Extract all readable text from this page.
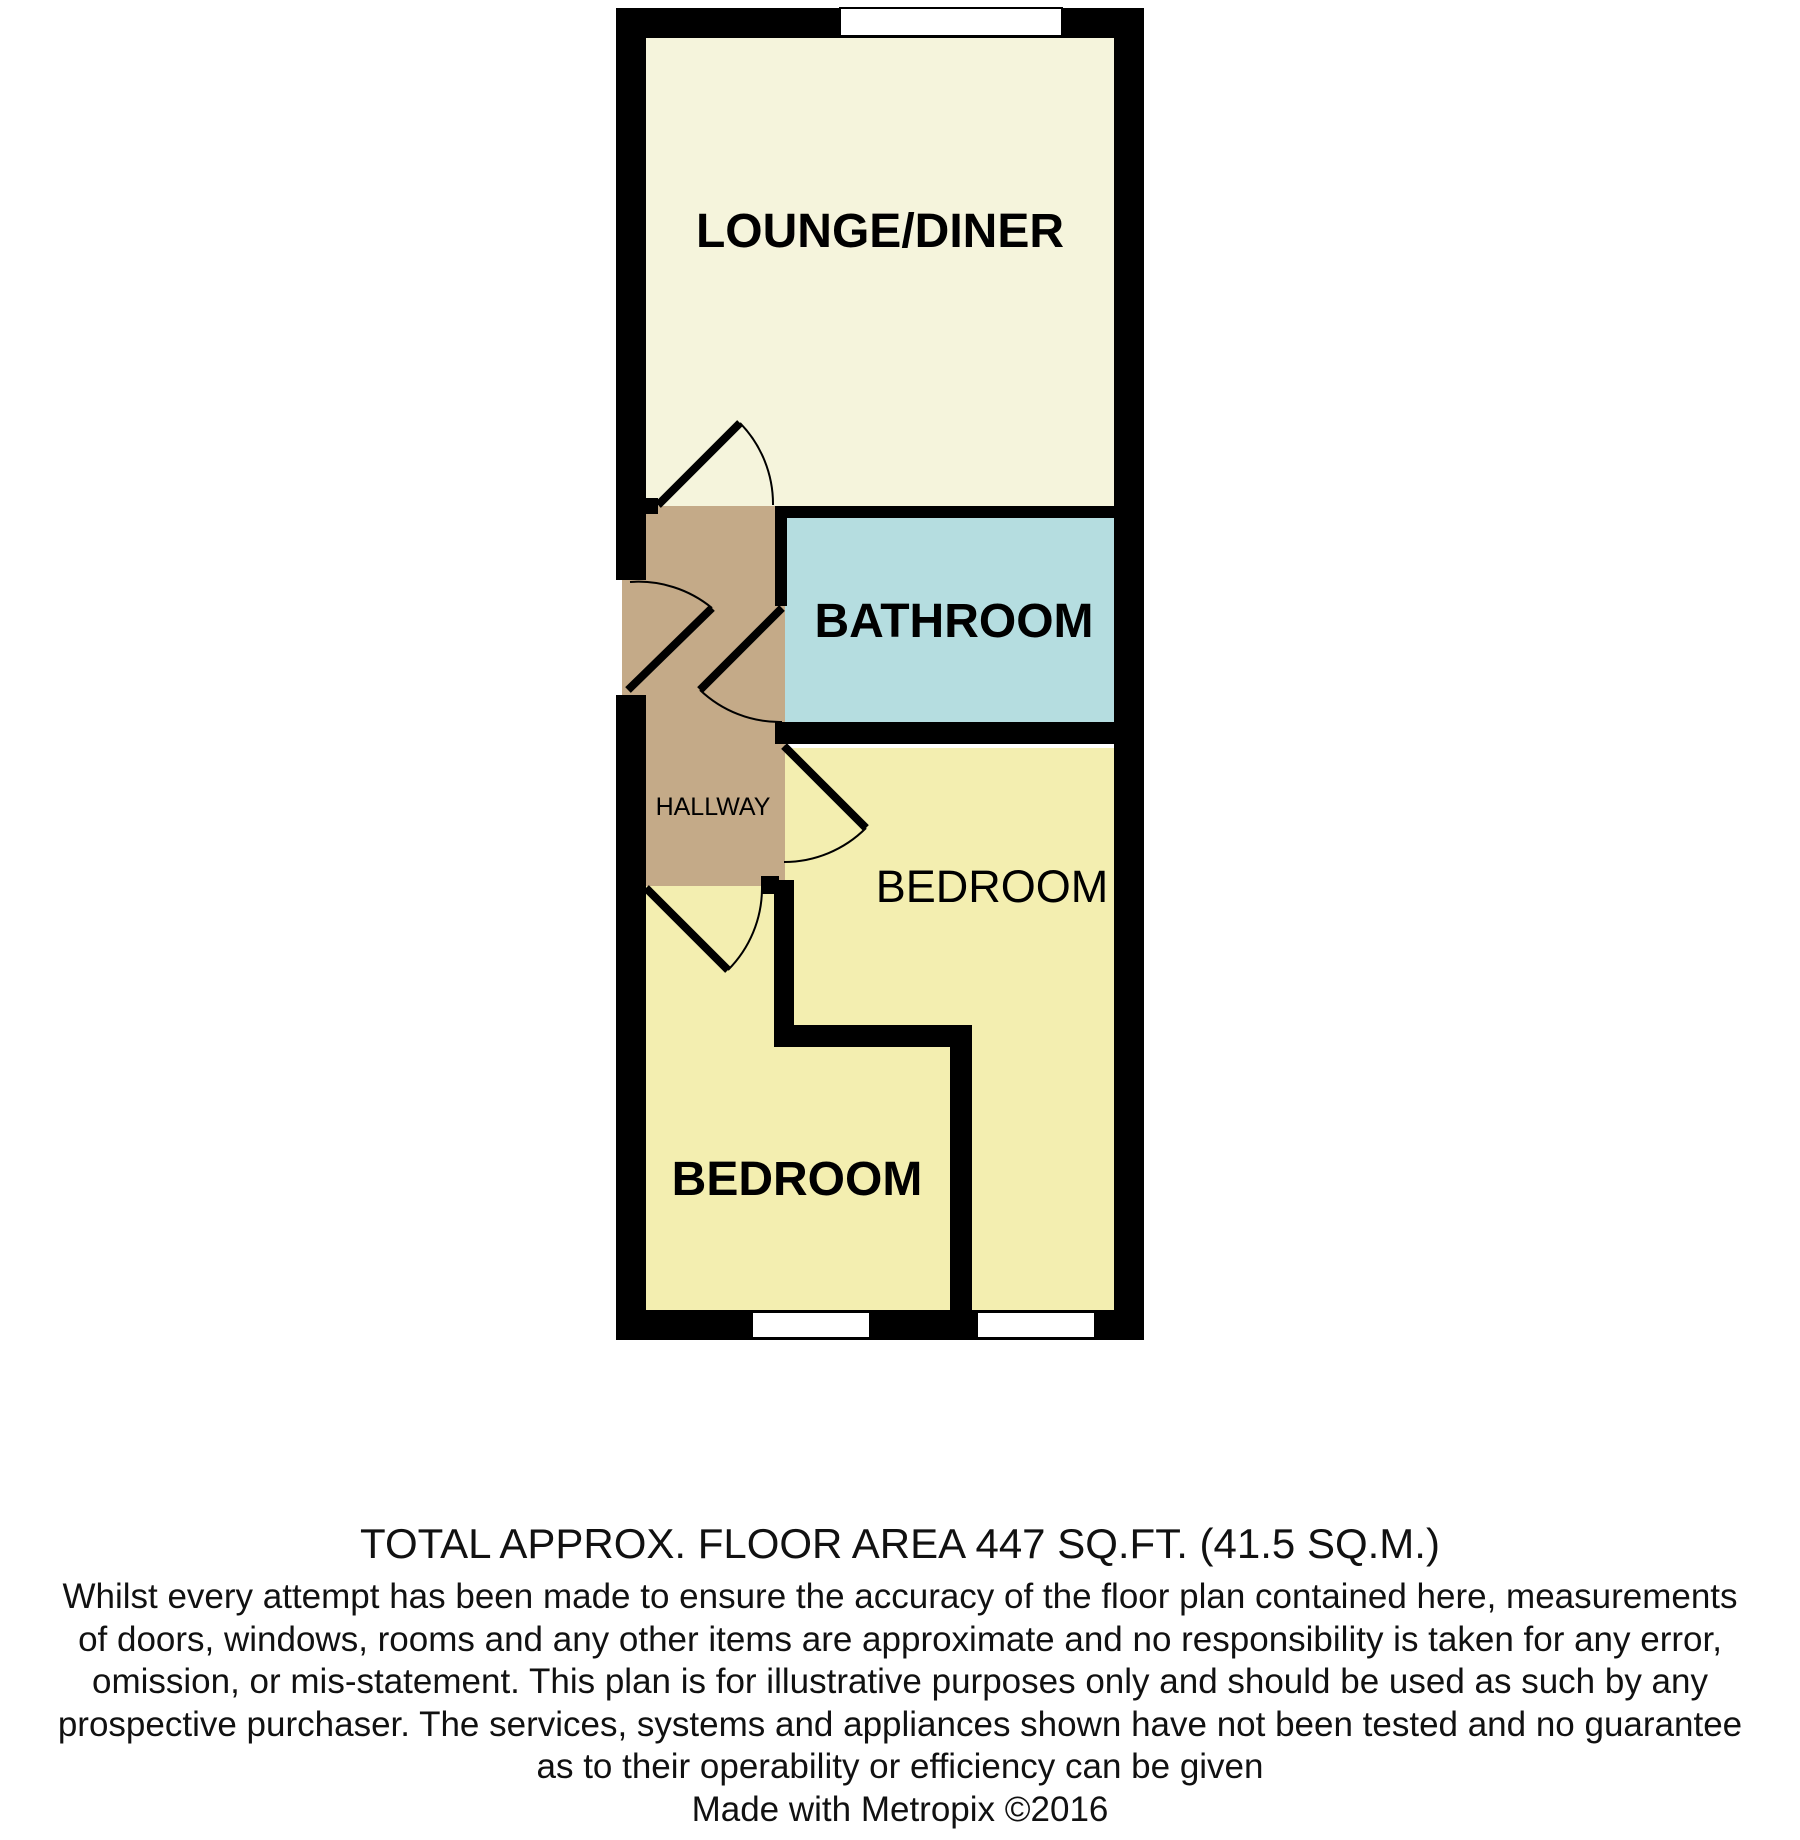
LOUNGE/DINER
BATHROOM
HALLWAY
BEDROOM
BEDROOM
TOTAL APPROX. FLOOR AREA 447 SQ.FT. (41.5 SQ.M.)
Whilst every attempt has been made to ensure the accuracy of the floor plan contained here, measurements
of doors, windows, rooms and any other items are approximate and no responsibility is taken for any error,
omission, or mis-statement. This plan is for illustrative purposes only and should be used as such by any
prospective purchaser. The services, systems and appliances shown have not been tested and no guarantee
as to their operability or efficiency can be given
Made with Metropix ©2016
